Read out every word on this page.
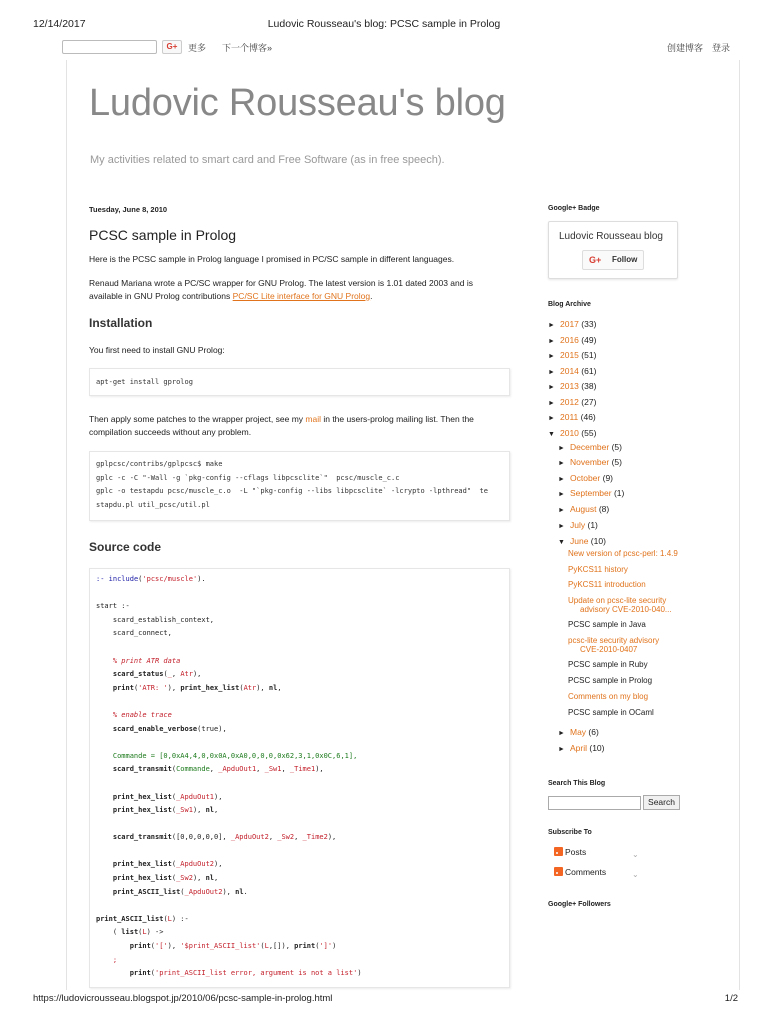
12/14/2017	Ludovic Rousseau's blog: PCSC sample in Prolog
G+	更多 下一个博客»	创建博客 登录
Ludovic Rousseau's blog
My activities related to smart card and Free Software (as in free speech).
Tuesday, June 8, 2010
PCSC sample in Prolog
Here is the PCSC sample in Prolog language I promised in PC/SC sample in different languages.
Renaud Mariana wrote a PC/SC wrapper for GNU Prolog. The latest version is 1.01 dated 2003 and is
available in GNU Prolog contributions PC/SC Lite interface for GNU Prolog.
Installation
You first need to install GNU Prolog:
apt-get install gprolog
Then apply some patches to the wrapper project, see my mail in the users-prolog mailing list. Then the
compilation succeeds without any problem.
gplpcsc/contribs/gplpcsc$ make
gplc -c -C "-Wall -g `pkg-config --cflags libpcsclite`"  pcsc/muscle_c.c
gplc -o testapdu pcsc/muscle_c.o  -L "`pkg-config --libs libpcsclite` -lcrypto -lpthread"  te
stapdu.pl util_pcsc/util.pl
Source code
:- include('pcsc/muscle').

start :-
scard_establish_context,
scard_connect,

% print ATR data
scard_status(_, Atr),
print('ATR: '), print_hex_list(Atr), nl,

% enable trace
scard_enable_verbose(true),

Commande = [0,0xA4,4,0,0x0A,0xA0,0,0,0,0x62,3,1,0x0C,6,1],
scard_transmit(Commande, _ApduOut1, _Sw1, _Time1),

print_hex_list(_ApduOut1),
print_hex_list(_Sw1), nl,

scard_transmit([0,0,0,0,0], _ApduOut2, _Sw2, _Time2),

print_hex_list(_ApduOut2),
print_hex_list(_Sw2), nl,
print_ASCII_list(_ApduOut2), nl.

print_ASCII_list(L) :-
( list(L) ->
print('['), '$print_ASCII_list'(L,[]), print(']')
;
print('print_ASCII_list error, argument is not a list')
Google+ Badge
Ludovic Rousseau blog
G+ Follow
Blog Archive
► 2017 (33)
► 2016 (49)
► 2015 (51)
► 2014 (61)
► 2013 (38)
► 2012 (27)
► 2011 (46)
▼ 2010 (55)
► December (5)
► November (5)
► October (9)
► September (1)
► August (8)
► July (1)
▼ June (10)
New version of pcsc-perl: 1.4.9
PyKCS11 history
PyKCS11 introduction
Update on pcsc-lite security
advisory CVE-2010-040...
PCSC sample in Java
pcsc-lite security advisory
CVE-2010-0407
PCSC sample in Ruby
PCSC sample in Prolog
Comments on my blog
PCSC sample in OCaml
► May (6)
► April (10)
Search This Blog
Search
Subscribe To
Posts	⌄
Comments	⌄
Google+ Followers
https://ludovicrousseau.blogspot.jp/2010/06/pcsc-sample-in-prolog.html	1/2
